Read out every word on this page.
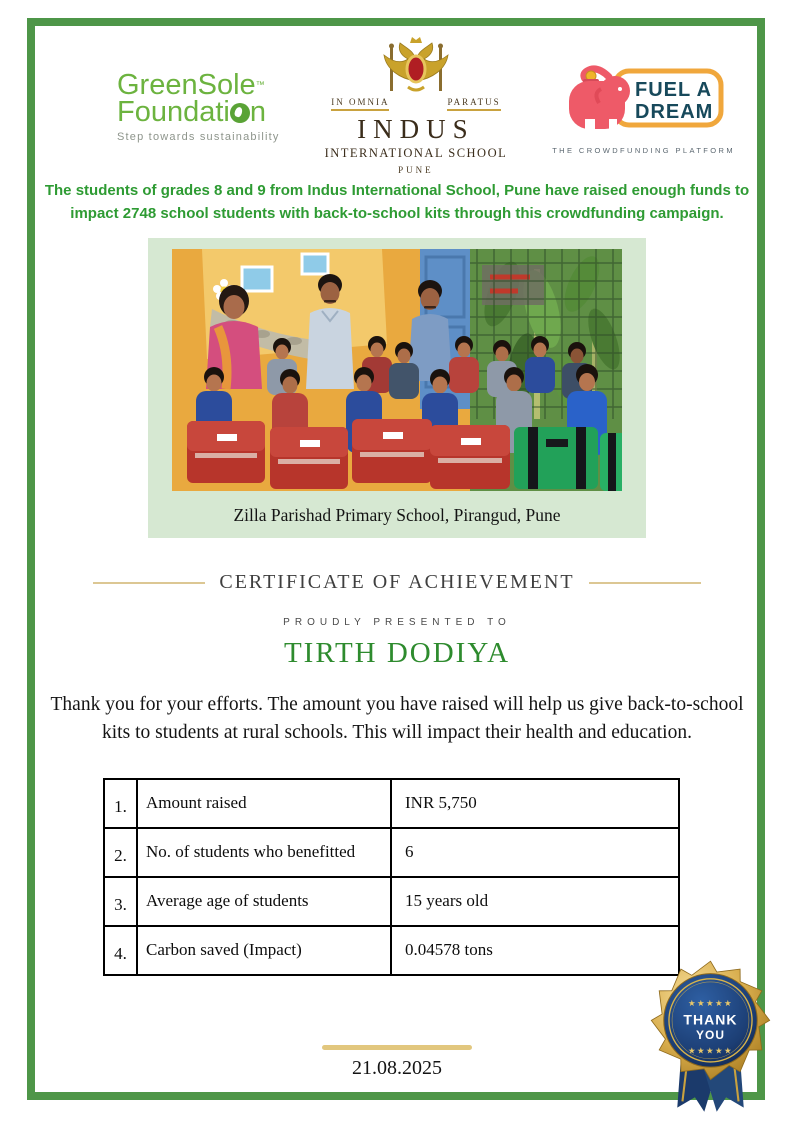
GreenSole™
Foundati n
Step towards sustainability
IN OMNIA	PARATUS
INDUS
INTERNATIONAL SCHOOL
PUNE
FUEL A
DREAM
THE CROWDFUNDING PLATFORM
The students of grades 8 and 9 from Indus International School, Pune have raised enough funds to impact 2748 school students with back-to-school kits through this crowdfunding campaign.
Zilla Parishad Primary School, Pirangud, Pune
CERTIFICATE OF ACHIEVEMENT
PROUDLY PRESENTED TO
TIRTH DODIYA
Thank you for your efforts. The amount you have raised will help us give back-to-school kits to students at rural schools. This will impact their health and education.
1.	Amount raised	INR 5,750
2.	No. of students who benefitted	6
3.	Average age of students	15 years old
4.	Carbon saved (Impact)	0.04578 tons
21.08.2025
★★★★★
THANK
YOU
★★★★★
